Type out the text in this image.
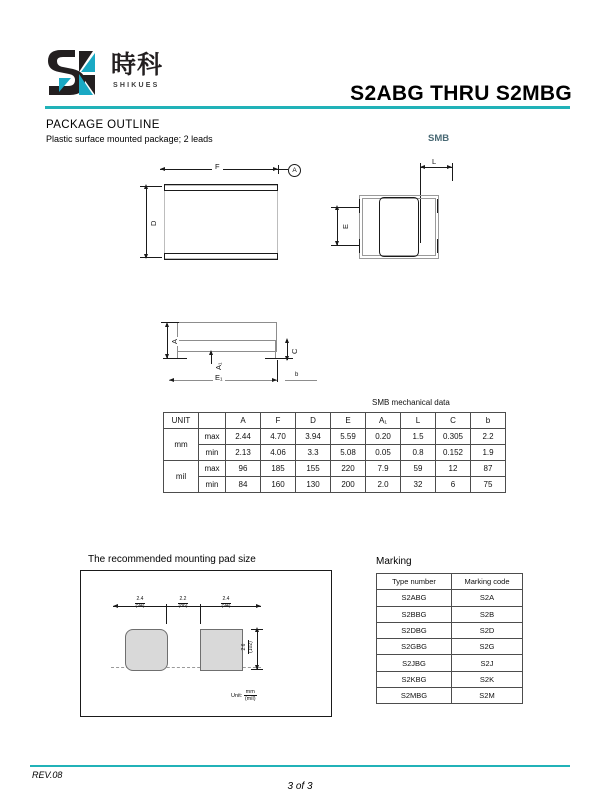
時科
SHIKUES	S2ABG THRU S2MBG
PACKAGE OUTLINE
Plastic surface mounted package; 2 leads	SMB
F	A
D
L
E
A
C
A₁
E₁	b
SMB mechanical data
UNIT		A	F	D	E	A₁	L	C	b
mm	max	2.44	4.70	3.94	5.59	0.20	1.5	0.305	2.2
	min	2.13	4.06	3.3	5.08	0.05	0.8	0.152	1.9
mil	max	96	185	155	220	7.9	59	12	87
	min	84	160	130	200	2.0	32	6	75
The recommended mounting pad size
$\frac{2.4}{(94)}$	$\frac{2.2}{(86)}$	$\frac{2.4}{(94)}$
2.6 (102)
Unit: $\frac{mm}{\text{(mil)}}$
Marking
Type number	Marking code
S2ABG	S2A
S2BBG	S2B
S2DBG	S2D
S2GBG	S2G
S2JBG	S2J
S2KBG	S2K
S2MBG	S2M
REV.08
3 of 3
